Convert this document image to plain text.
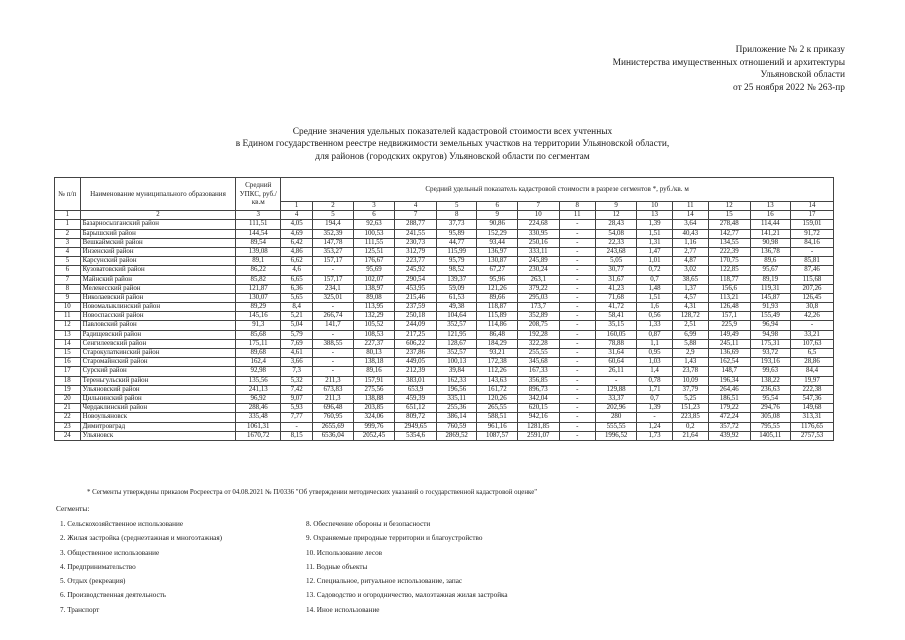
Приложение № 2 к приказу
Министерства имущественных отношений и архитектуры
Ульяновской области
от 25 ноября 2022 № 263-пр
Средние значения удельных показателей кадастровой стоимости всех учтенных
в Едином государственном реестре недвижимости земельных участков на территории Ульяновской области,
для районов (городских округов) Ульяновской области по сегментам
№ п/п	Наименование муниципального образования	Средний УПКС, руб./кв.м	Средний удельный показатель кадастровой стоимости в разрезе сегментов *, руб./кв. м													
			1	2	3	4	5	6	7	8	9	10	11	12	13	14
1	2	3	4	5	6	7	8	9	10	11	12	13	14	15	16	17
1	Базарносызганский район	111,51	4,05	194,4	92,63	288,77	37,73	90,86	224,68	-	28,43	1,39	3,64	278,48	114,44	159,01
2	Барышский район	144,54	4,69	352,39	100,53	241,55	95,89	152,29	330,95	-	54,08	1,51	40,43	142,77	141,21	91,72
3	Вешкаймский район	89,54	6,42	147,78	111,55	230,73	44,77	93,44	250,16	-	22,33	1,31	1,16	134,55	90,98	84,16
4	Инзенский район	139,08	4,86	353,27	125,51	312,79	115,99	136,97	333,11	-	243,68	1,47	2,77	222,39	136,78	-
5	Карсунский район	89,1	6,62	157,17	176,67	223,77	95,79	130,87	245,89	-	5,05	1,01	4,87	170,75	89,6	85,81
6	Кузоватовский район	86,22	4,6	-	95,69	245,92	98,52	67,27	230,24	-	30,77	0,72	3,02	122,85	95,67	87,46
7	Майнский район	85,82	6,65	157,17	102,07	290,54	139,37	95,96	263,1	-	31,67	0,7	38,65	118,77	89,19	115,68
8	Мелекесский район	121,87	6,36	234,1	138,97	453,95	59,09	121,26	379,22	-	41,23	1,48	1,37	156,6	119,31	207,26
9	Николаевский район	130,07	5,65	325,01	89,08	215,46	61,53	89,66	295,03	-	71,68	1,51	4,57	113,21	145,87	126,45
10	Новомалыклинский район	89,29	8,4	-	113,95	237,59	49,38	118,87	173,7	-	41,72	1,6	4,31	126,48	91,93	30,8
11	Новоспасский район	145,16	5,21	266,74	132,29	250,18	104,64	115,89	352,89	-	58,41	0,56	128,72	157,1	155,49	42,26
12	Павловский район	91,3	5,04	141,7	105,52	244,09	352,57	114,86	208,75	-	35,15	1,33	2,51	225,9	96,94	-
13	Радищевский район	85,68	5,79	-	108,53	217,25	121,95	86,48	192,28	-	160,05	0,87	6,99	149,49	94,98	33,21
14	Сенгилеевский район	175,11	7,69	388,55	227,37	606,22	128,67	184,29	322,28	-	78,88	1,1	5,88	245,11	175,31	107,63
15	Старокулаткинский район	89,68	4,61	-	80,13	237,86	352,57	93,21	255,55	-	31,64	0,95	2,9	136,69	93,72	6,5
16	Старомайнский район	162,4	3,66	-	138,18	449,05	100,13	172,38	345,68	-	60,64	1,03	1,43	162,54	193,16	28,86
17	Сурский район	92,98	7,3	-	89,16	212,39	39,84	112,26	167,33	-	26,11	1,4	23,78	148,7	99,63	84,4
18	Тереньгульский район	135,56	5,32	211,3	157,91	383,01	162,33	143,63	356,85	-	-	0,78	10,09	196,34	138,22	19,97
19	Ульяновский район	241,13	7,42	673,83	275,56	653,9	196,56	161,72	896,73	-	129,88	1,71	37,79	264,46	236,63	222,38
20	Цильнинский район	96,92	9,07	211,3	138,88	459,39	335,11	120,26	342,04	-	33,37	0,7	5,25	186,51	95,54	547,36
21	Чердаклинский район	288,46	5,93	696,48	203,85	651,12	255,36	265,55	620,15	-	202,96	1,39	151,23	179,22	294,76	149,68
22	Новоульяновск	335,48	7,77	760,95	324,06	809,72	386,14	588,51	942,16	-	280	-	223,85	472,24	305,08	313,31
23	Димитровград	1061,31	-	2655,69	999,76	2949,65	760,59	961,16	1281,85	-	555,55	1,24	0,2	357,72	795,55	1176,65
24	Ульяновск	1670,72	8,15	6536,04	2052,45	5354,6	2869,52	1087,57	2591,07	-	1996,52	1,73	21,64	439,92	1405,11	2757,53
* Сегменты утверждены приказом Росреестра от 04.08.2021 № П/0336 "Об утверждении методических указаний о государственной кадастровой оценке"
Сегменты:
1. Сельскохозяйственное использование
2. Жилая застройка (среднеэтажная и многоэтажная)
3. Общественное использование
4. Предпринимательство
5. Отдых (рекреация)
6. Производственная деятельность
7. Транспорт
8. Обеспечение обороны и безопасности
9. Охраняемые природные территории и благоустройство
10. Использование лесов
11. Водные объекты
12. Специальное, ритуальное использование, запас
13. Садоводство и огородничество, малоэтажная жилая застройка
14. Иное использование
